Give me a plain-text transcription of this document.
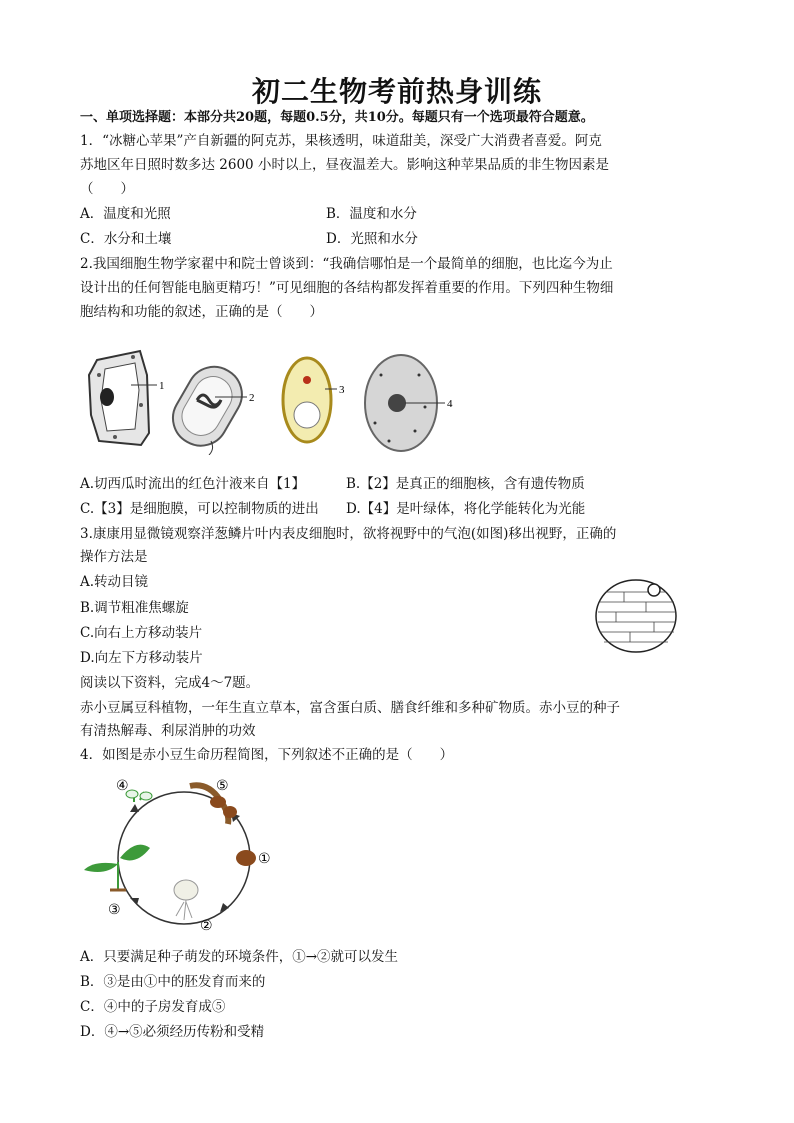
初二生物考前热身训练
一、单项选择题：本部分共20题，每题0.5分，共10分。每题只有一个选项最符合题意。
1．“冰糖心苹果”产自新疆的阿克苏，果核透明，味道甜美，深受广大消费者喜爱。阿克
苏地区年日照时数多达 2600 小时以上，昼夜温差大。影响这种苹果品质的非生物因素是
（　　）
A．温度和光照	B．温度和水分
C．水分和土壤	D．光照和水分
2.我国细胞生物学家翟中和院士曾谈到：“我确信哪怕是一个最简单的细胞，也比迄今为止
设计出的任何智能电脑更精巧！”可见细胞的各结构都发挥着重要的作用。下列四种生物细
胞结构和功能的叙述，正确的是（　　）
1
2
3
4
A.切西瓜时流出的红色汁液来自【1】	B.【2】是真正的细胞核，含有遗传物质
C.【3】是细胞膜，可以控制物质的进出 D.【4】是叶绿体，将化学能转化为光能
3.康康用显微镜观察洋葱鳞片叶内表皮细胞时，欲将视野中的气泡(如图)移出视野，正确的
操作方法是
A.转动目镜
B.调节粗准焦螺旋
C.向右上方移动装片
D.向左下方移动装片
阅读以下资料，完成4～7题。
赤小豆属豆科植物，一年生直立草本，富含蛋白质、膳食纤维和多种矿物质。赤小豆的种子
有清热解毒、利尿消肿的功效
4．如图是赤小豆生命历程简图，下列叙述不正确的是（　　）
④	⑤
①
②
③
A．只要满足种子萌发的环境条件，①→②就可以发生
B．③是由①中的胚发育而来的
C．④中的子房发育成⑤
D．④→⑤必须经历传粉和受精
